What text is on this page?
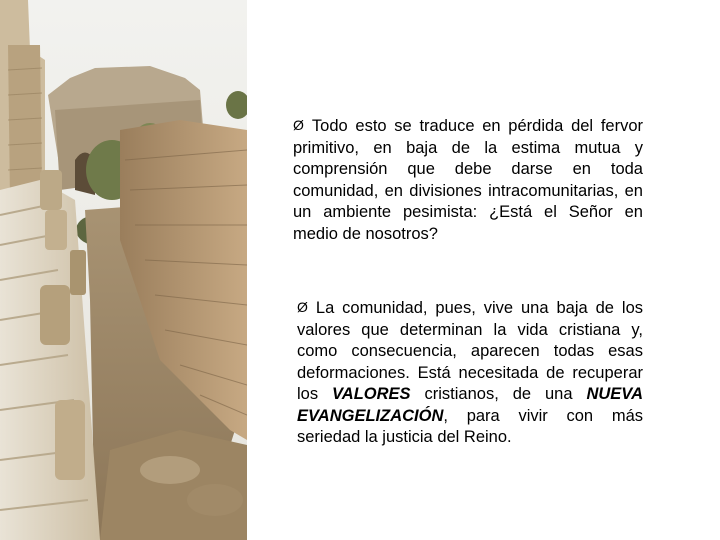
Ø Todo esto se traduce en pérdida del fervor primitivo, en baja de la estima mutua y comprensión que debe darse en toda comunidad, en divisiones intracomunitarias, en un ambiente pesimista: ¿Está el Señor en medio de nosotros?
Ø La comunidad, pues, vive una baja de los valores que determinan la vida cristiana y, como consecuencia, aparecen todas esas deformaciones. Está necesitada de recuperar los VALORES cristianos, de una NUEVA EVANGELIZACIÓN, para vivir con más seriedad la justicia del Reino.
